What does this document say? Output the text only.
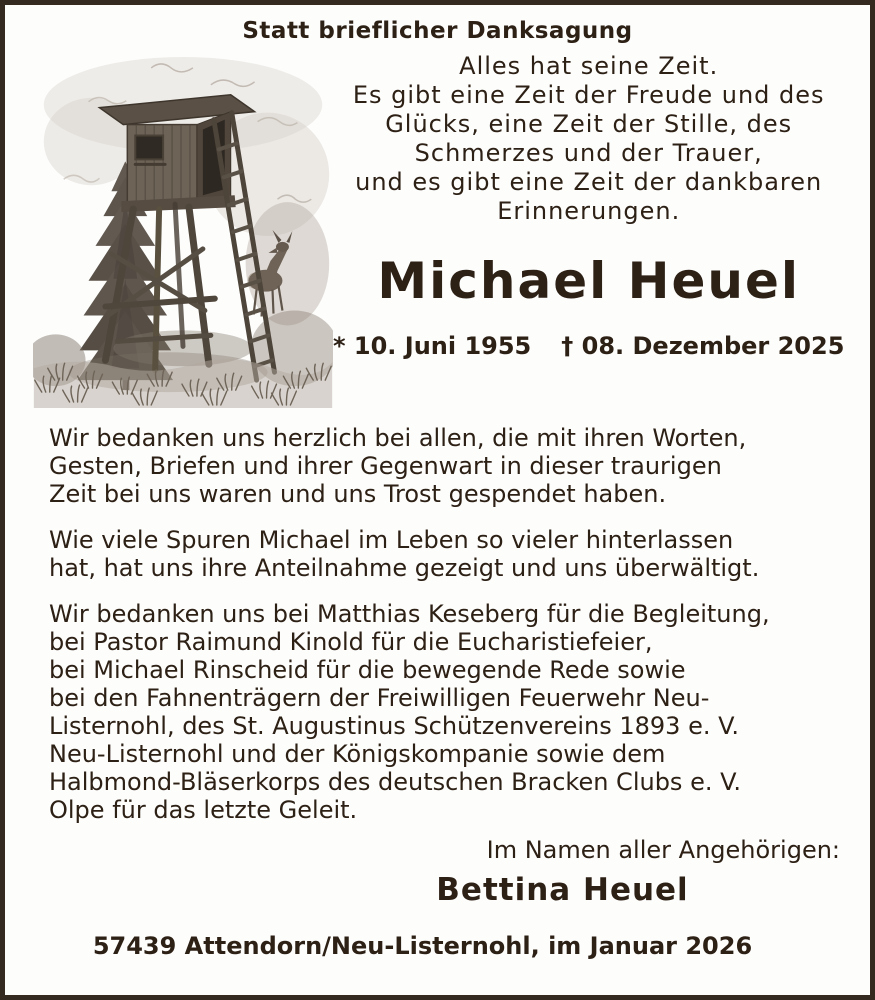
Statt brieflicher Danksagung
Alles hat seine Zeit.
Es gibt eine Zeit der Freude und des
Glücks, eine Zeit der Stille, des
Schmerzes und der Trauer,
und es gibt eine Zeit der dankbaren
Erinnerungen.
Michael Heuel
* 10. Juni 1955 † 08. Dezember 2025
Wir bedanken uns herzlich bei allen, die mit ihren Worten,
Gesten, Briefen und ihrer Gegenwart in dieser traurigen
Zeit bei uns waren und uns Trost gespendet haben.
Wie viele Spuren Michael im Leben so vieler hinterlassen
hat, hat uns ihre Anteilnahme gezeigt und uns überwältigt.
Wir bedanken uns bei Matthias Keseberg für die Begleitung,
bei Pastor Raimund Kinold für die Eucharistiefeier,
bei Michael Rinscheid für die bewegende Rede sowie
bei den Fahnenträgern der Freiwilligen Feuerwehr Neu-
Listernohl, des St. Augustinus Schützenvereins 1893 e. V.
Neu-Listernohl und der Königskompanie sowie dem
Halbmond-Bläserkorps des deutschen Bracken Clubs e. V.
Olpe für das letzte Geleit.
Im Namen aller Angehörigen:
Bettina Heuel
57439 Attendorn/Neu-Listernohl, im Januar 2026
